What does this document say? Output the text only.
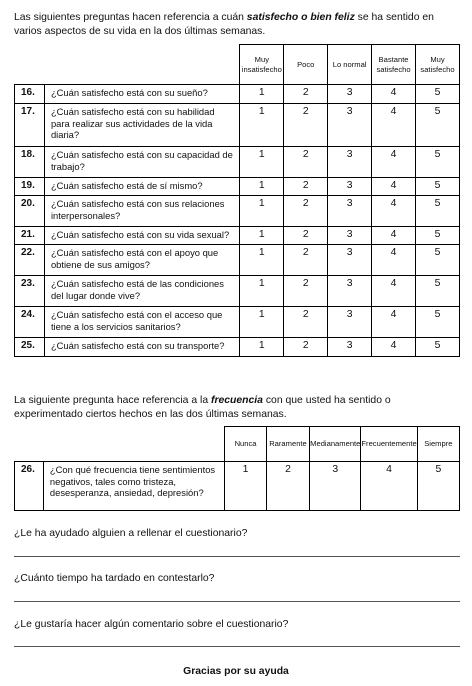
Las siguientes preguntas hacen referencia a cuán satisfecho o bien feliz se ha sentido en varios aspectos de su vida en la dos últimas semanas.

		Muy insatisfecho	Poco	Lo normal	Bastante satisfecho	Muy satisfecho
16.	¿Cuán satisfecho está con su sueño?	1	2	3	4	5
17.	¿Cuán satisfecho está con su habilidad para realizar sus actividades de la vida diaria?	1	2	3	4	5
18.	¿Cuán satisfecho está con su capacidad de trabajo?	1	2	3	4	5
19.	¿Cuán satisfecho está de sí mismo?	1	2	3	4	5
20.	¿Cuán satisfecho está con sus relaciones interpersonales?	1	2	3	4	5
21.	¿Cuán satisfecho está con su vida sexual?	1	2	3	4	5
22.	¿Cuán satisfecho está con el apoyo que obtiene de sus amigos?	1	2	3	4	5
23.	¿Cuán satisfecho está de las condiciones del lugar donde vive?	1	2	3	4	5
24.	¿Cuán satisfecho está con el acceso que tiene a los servicios sanitarios?	1	2	3	4	5
25.	¿Cuán satisfecho está con su transporte?	1	2	3	4	5

La siguiente pregunta hace referencia a la frecuencia con que usted ha sentido o experimentado ciertos hechos en las dos últimas semanas.

		Nunca	Raramente	Medianamente	Frecuentemente	Siempre
26.	¿Con qué frecuencia tiene sentimientos negativos, tales como tristeza, desesperanza, ansiedad, depresión?	1	2	3	4	5
¿Le ha ayudado alguien a rellenar el cuestionario?
¿Cuánto tiempo ha tardado en contestarlo?
¿Le gustaría hacer algún comentario sobre el cuestionario?
Gracias por su ayuda
